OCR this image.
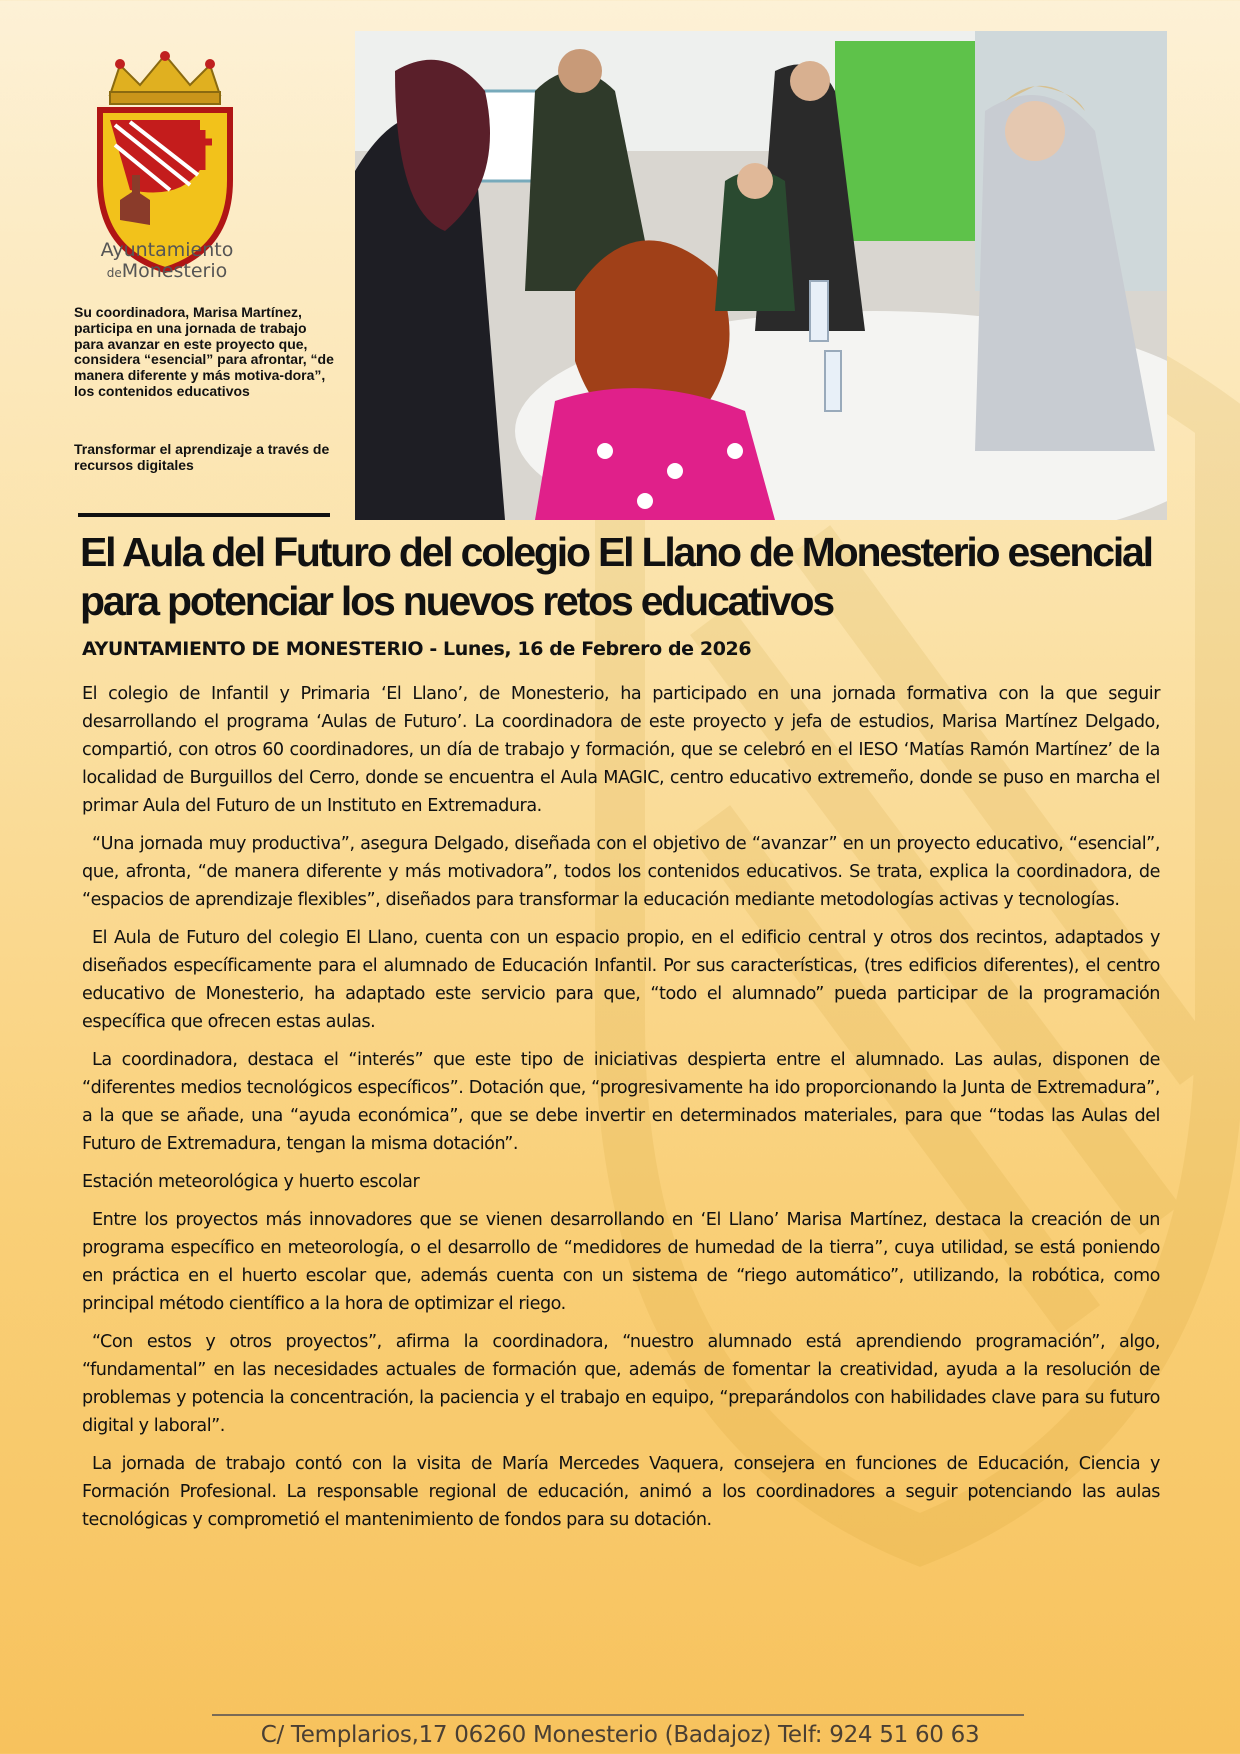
Ayuntamiento
deMonesterio
Su coordinadora, Marisa Martínez, participa en una jornada de trabajo para avanzar en este proyecto que, considera “esencial” para afrontar, “de manera diferente y más motiva-dora”, los contenidos educativos
Transformar el aprendizaje a través de recursos digitales
El Aula del Futuro del colegio El Llano de Monesterio esencial para potenciar los nuevos retos educativos
AYUNTAMIENTO DE MONESTERIO - Lunes, 16 de Febrero de 2026

El colegio de Infantil y Primaria ‘El Llano’, de Monesterio, ha participado en una jornada formativa con la que seguir desarrollando el programa ‘Aulas de Futuro’. La coordinadora de este proyecto y jefa de estudios, Marisa Martínez Delgado, compartió, con otros 60 coordinadores, un día de trabajo y formación, que se celebró en el IESO ‘Matías Ramón Martínez’ de la localidad de Burguillos del Cerro, donde se encuentra el Aula MAGIC, centro educativo extremeño, donde se puso en marcha el primar Aula del Futuro de un Instituto en Extremadura.

“Una jornada muy productiva”, asegura Delgado, diseñada con el objetivo de “avanzar” en un proyecto educativo, “esencial”, que, afronta, “de manera diferente y más motivadora”, todos los contenidos educativos. Se trata, explica la coordinadora, de “espacios de aprendizaje flexibles”, diseñados para transformar la educación mediante metodologías activas y tecnologías.

El Aula de Futuro del colegio El Llano, cuenta con un espacio propio, en el edificio central y otros dos recintos, adaptados y diseñados específicamente para el alumnado de Educación Infantil. Por sus características, (tres edificios diferentes), el centro educativo de Monesterio, ha adaptado este servicio para que, “todo el alumnado” pueda participar de la programación específica que ofrecen estas aulas.

La coordinadora, destaca el “interés” que este tipo de iniciativas despierta entre el alumnado. Las aulas, disponen de “diferentes medios tecnológicos específicos”. Dotación que, “progresivamente ha ido proporcionando la Junta de Extremadura”, a la que se añade, una “ayuda económica”, que se debe invertir en determinados materiales, para que “todas las Aulas del Futuro de Extremadura, tengan la misma dotación”.

Estación meteorológica y huerto escolar

Entre los proyectos más innovadores que se vienen desarrollando en ‘El Llano’ Marisa Martínez, destaca la creación de un programa específico en meteorología, o el desarrollo de “medidores de humedad de la tierra”, cuya utilidad, se está poniendo en práctica en el huerto escolar que, además cuenta con un sistema de “riego automático”, utilizando, la robótica, como principal método científico a la hora de optimizar el riego.

“Con estos y otros proyectos”, afirma la coordinadora, “nuestro alumnado está aprendiendo programación”, algo, “fundamental” en las necesidades actuales de formación que, además de fomentar la creatividad, ayuda a la resolución de problemas y potencia la concentración, la paciencia y el trabajo en equipo, “preparándolos con habilidades clave para su futuro digital y laboral”.

La jornada de trabajo contó con la visita de María Mercedes Vaquera, consejera en funciones de Educación, Ciencia y Formación Profesional. La responsable regional de educación, animó a los coordinadores a seguir potenciando las aulas tecnológicas y comprometió el mantenimiento de fondos para su dotación.

C/ Templarios,17 06260 Monesterio (Badajoz) Telf: 924 51 60 63
